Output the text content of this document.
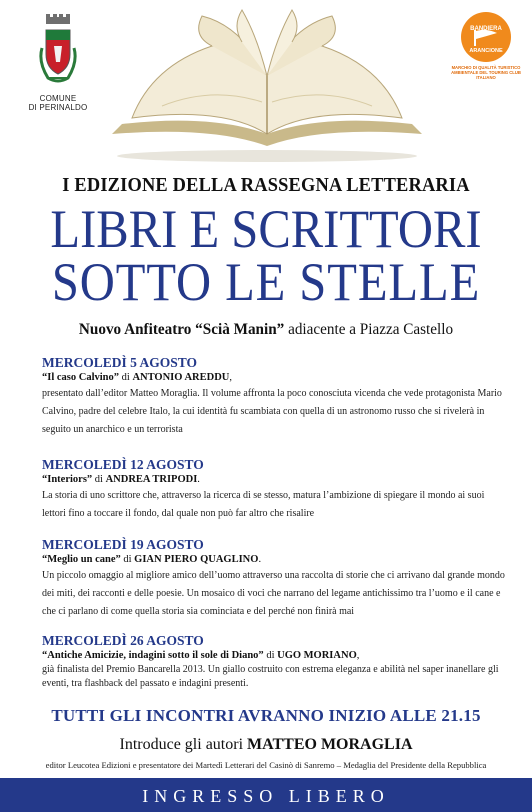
COMUNE
DI PERINALDO
BANDIERA
ARANCIONE
MARCHIO DI QUALITÀ TURISTICO AMBIENTALE DEL TOURING CLUB ITALIANO
I EDIZIONE DELLA RASSEGNA LETTERARIA
LIBRI E SCRITTORI
SOTTO LE STELLE
Nuovo Anfiteatro “Scià Manin” adiacente a Piazza Castello
MERCOLEDÌ 5 AGOSTO
“Il caso Calvino” di ANTONIO AREDDU,
presentato dall’editor Matteo Moraglia. Il volume affronta la poco conosciuta vicenda che vede protagonista Mario Calvino, padre del celebre Italo, la cui identità fu scambiata con quella di un astronomo russo che si rivelerà in seguito un anarchico e un terrorista
MERCOLEDÌ 12 AGOSTO
“Interiors” di ANDREA TRIPODI.
La storia di uno scrittore che, attraverso la ricerca di se stesso, matura l’ambizione di spiegare il mondo ai suoi lettori fino a toccare il fondo, dal quale non può far altro che risalire
MERCOLEDÌ 19 AGOSTO
“Meglio un cane” di GIAN PIERO QUAGLINO.
Un piccolo omaggio al migliore amico dell’uomo attraverso una raccolta di storie che ci arrivano dal grande mondo dei miti, dei racconti e delle poesie. Un mosaico di voci che narrano del legame antichissimo tra l’uomo e il cane e che ci parlano di come quella storia sia cominciata e del perché non finirà mai
MERCOLEDÌ 26 AGOSTO
“Antiche Amicizie, indagini sotto il sole di Diano” di UGO MORIANO,
già finalista del Premio Bancarella 2013. Un giallo costruito con estrema eleganza e abilità nel saper inanellare gli eventi, tra flashback del passato e indagini presenti.
TUTTI GLI INCONTRI AVRANNO INIZIO ALLE 21.15
Introduce gli autori MATTEO MORAGLIA
editor Leucotea Edizioni e presentatore dei Martedì Letterari del Casinò di Sanremo – Medaglia del Presidente della Repubblica
INGRESSO LIBERO
